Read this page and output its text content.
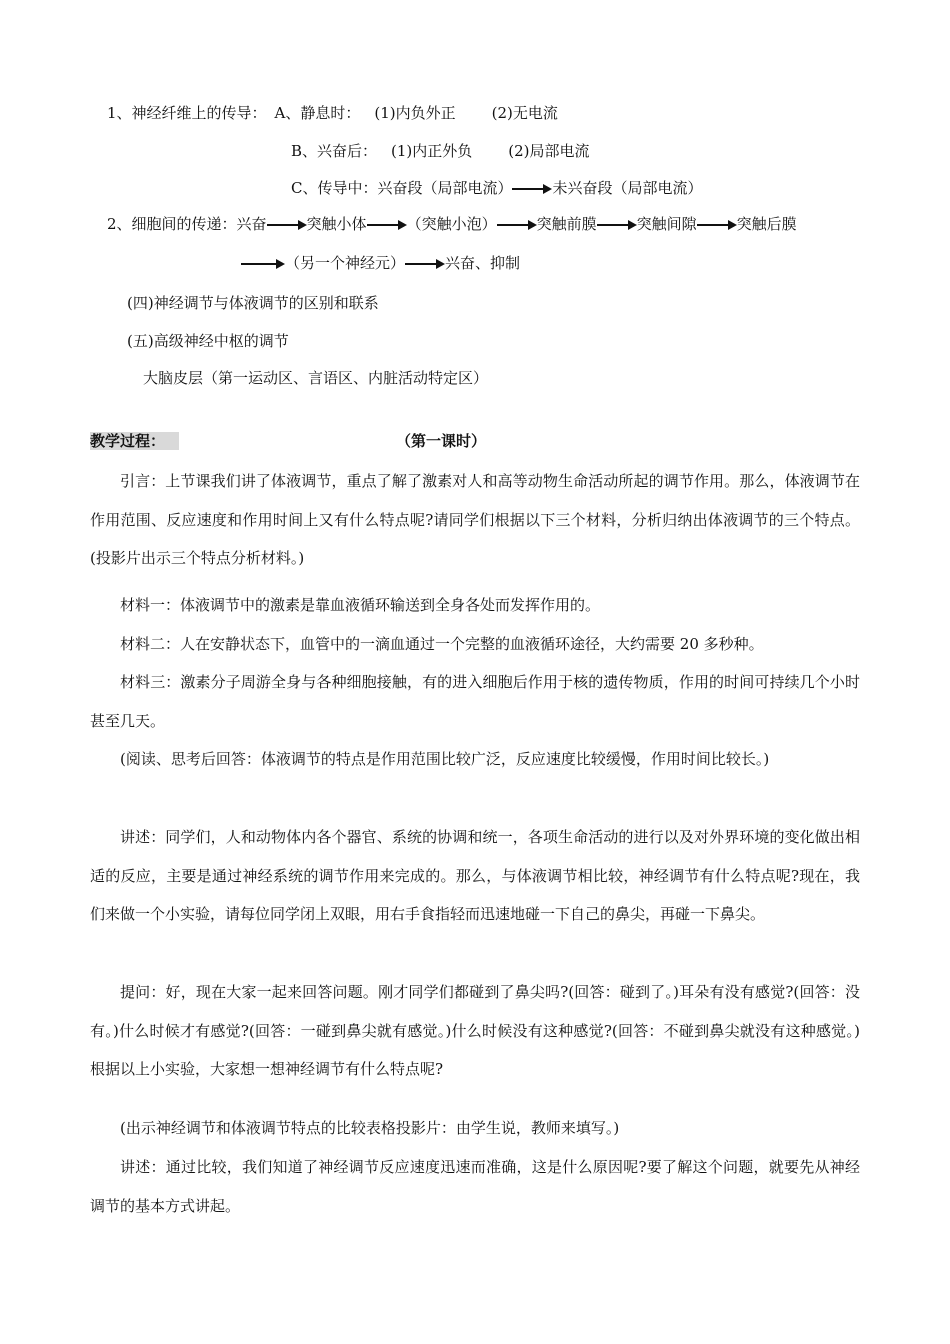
1、神经纤维上的传导： A、静息时： (1)内负外正 (2)无电流
B、兴奋后： (1)内正外负 (2)局部电流
C、传导中：兴奋段（局部电流）	未兴奋段（局部电流）
2、细胞间的传递：兴奋	突触小体	（突触小泡）	突触前膜	突触间隙	突触后膜
（另一个神经元）	兴奋、抑制
(四)神经调节与体液调节的区别和联系
(五)高级神经中枢的调节
大脑皮层（第一运动区、言语区、内脏活动特定区）
教学过程：	（第一课时）
引言：上节课我们讲了体液调节，重点了解了激素对人和高等动物生命活动所起的调节作用。那么，体液调节在作用范围、反应速度和作用时间上又有什么特点呢?请同学们根据以下三个材料，分析归纳出体液调节的三个特点。(投影片出示三个特点分析材料。)
材料一：体液调节中的激素是靠血液循环输送到全身各处而发挥作用的。
材料二：人在安静状态下，血管中的一滴血通过一个完整的血液循环途径，大约需要 20 多秒种。
材料三：激素分子周游全身与各种细胞接触，有的进入细胞后作用于核的遗传物质，作用的时间可持续几个小时甚至几天。
(阅读、思考后回答：体液调节的特点是作用范围比较广泛，反应速度比较缓慢，作用时间比较长。)
讲述：同学们，人和动物体内各个器官、系统的协调和统一，各项生命活动的进行以及对外界环境的变化做出相适的反应，主要是通过神经系统的调节作用来完成的。那么，与体液调节相比较，神经调节有什么特点呢?现在，我们来做一个小实验，请每位同学闭上双眼，用右手食指轻而迅速地碰一下自己的鼻尖，再碰一下鼻尖。
提问：好，现在大家一起来回答问题。刚才同学们都碰到了鼻尖吗?(回答：碰到了。)耳朵有没有感觉?(回答：没有。)什么时候才有感觉?(回答：一碰到鼻尖就有感觉。)什么时候没有这种感觉?(回答：不碰到鼻尖就没有这种感觉。)根据以上小实验，大家想一想神经调节有什么特点呢?
(出示神经调节和体液调节特点的比较表格投影片：由学生说，教师来填写。)
讲述：通过比较，我们知道了神经调节反应速度迅速而准确，这是什么原因呢?要了解这个问题，就要先从神经调节的基本方式讲起。
